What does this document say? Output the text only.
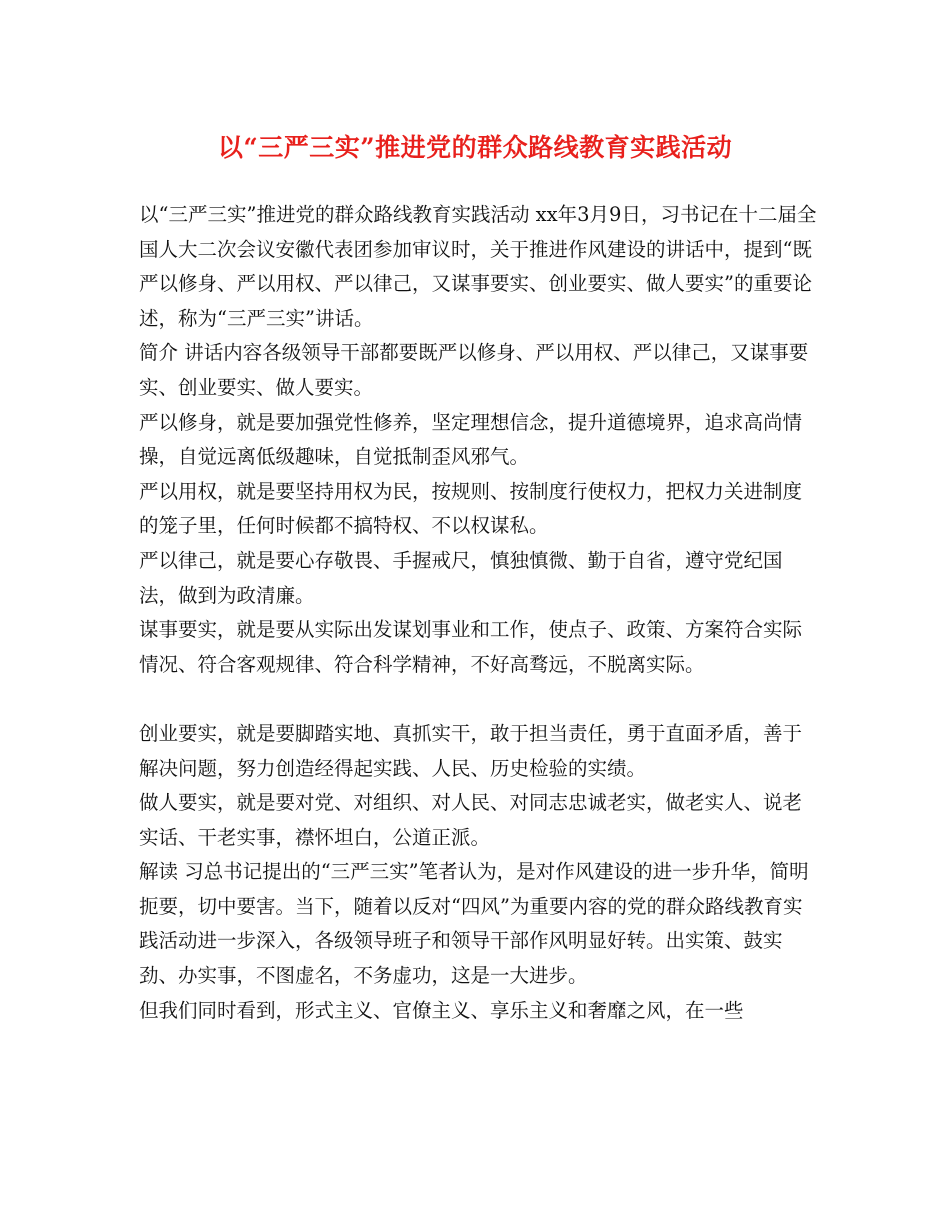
以“三严三实”推进党的群众路线教育实践活动

以“三严三实”推进党的群众路线教育实践活动 xx年3月9日，习书记在十二届全国人大二次会议安徽代表团参加审议时，关于推进作风建设的讲话中，提到“既严以修身、严以用权、严以律己，又谋事要实、创业要实、做人要实”的重要论述，称为“三严三实”讲话。

简介 讲话内容各级领导干部都要既严以修身、严以用权、严以律己，又谋事要实、创业要实、做人要实。

严以修身，就是要加强党性修养，坚定理想信念，提升道德境界，追求高尚情操，自觉远离低级趣味，自觉抵制歪风邪气。

严以用权，就是要坚持用权为民，按规则、按制度行使权力，把权力关进制度的笼子里，任何时候都不搞特权、不以权谋私。

严以律己，就是要心存敬畏、手握戒尺，慎独慎微、勤于自省，遵守党纪国法，做到为政清廉。

谋事要实，就是要从实际出发谋划事业和工作，使点子、政策、方案符合实际情况、符合客观规律、符合科学精神，不好高骛远，不脱离实际。

创业要实，就是要脚踏实地、真抓实干，敢于担当责任，勇于直面矛盾，善于解决问题，努力创造经得起实践、人民、历史检验的实绩。

做人要实，就是要对党、对组织、对人民、对同志忠诚老实，做老实人、说老实话、干老实事，襟怀坦白，公道正派。

解读 习总书记提出的“三严三实”笔者认为，是对作风建设的进一步升华，简明扼要，切中要害。当下，随着以反对“四风”为重要内容的党的群众路线教育实践活动进一步深入，各级领导班子和领导干部作风明显好转。出实策、鼓实劲、办实事，不图虚名，不务虚功，这是一大进步。

但我们同时看到，形式主义、官僚主义、享乐主义和奢靡之风，在一些
